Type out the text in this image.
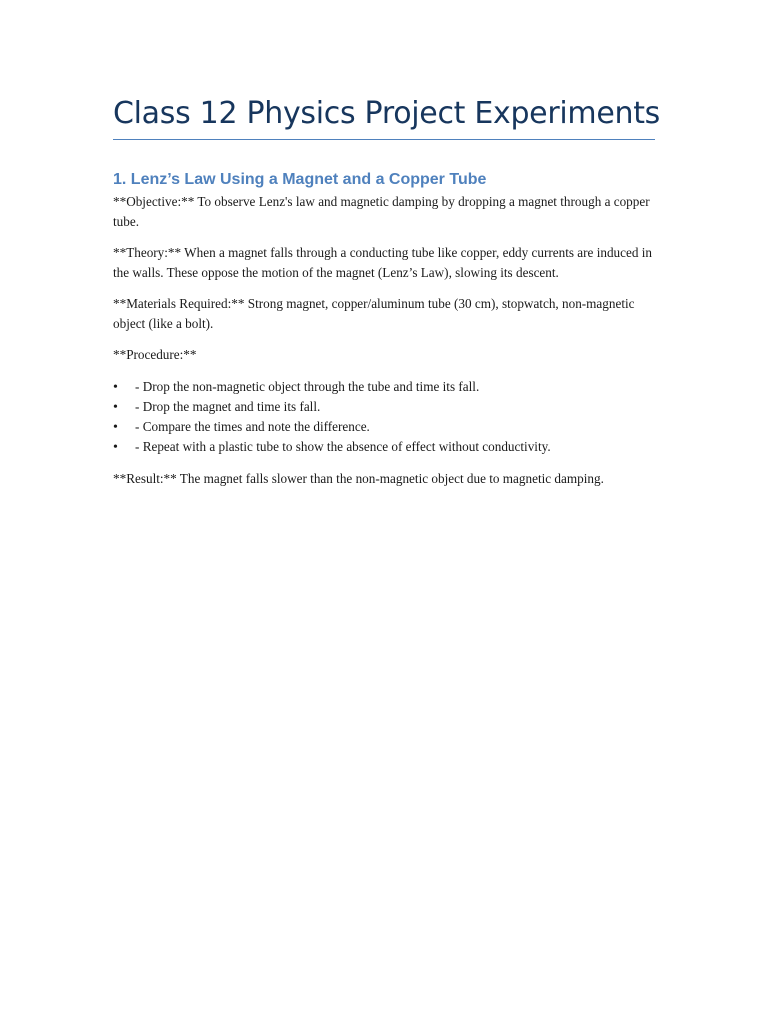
Class 12 Physics Project Experiments
1. Lenz’s Law Using a Magnet and a Copper Tube

**Objective:** To observe Lenz's law and magnetic damping by dropping a magnet through a copper tube.

**Theory:** When a magnet falls through a conducting tube like copper, eddy currents are induced in the walls. These oppose the motion of the magnet (Lenz’s Law), slowing its descent.

**Materials Required:** Strong magnet, copper/aluminum tube (30 cm), stopwatch, non-magnetic object (like a bolt).

**Procedure:**

•	- Drop the non-magnetic object through the tube and time its fall.
•	- Drop the magnet and time its fall.
•	- Compare the times and note the difference.
•	- Repeat with a plastic tube to show the absence of effect without conductivity.

**Result:** The magnet falls slower than the non-magnetic object due to magnetic damping.
